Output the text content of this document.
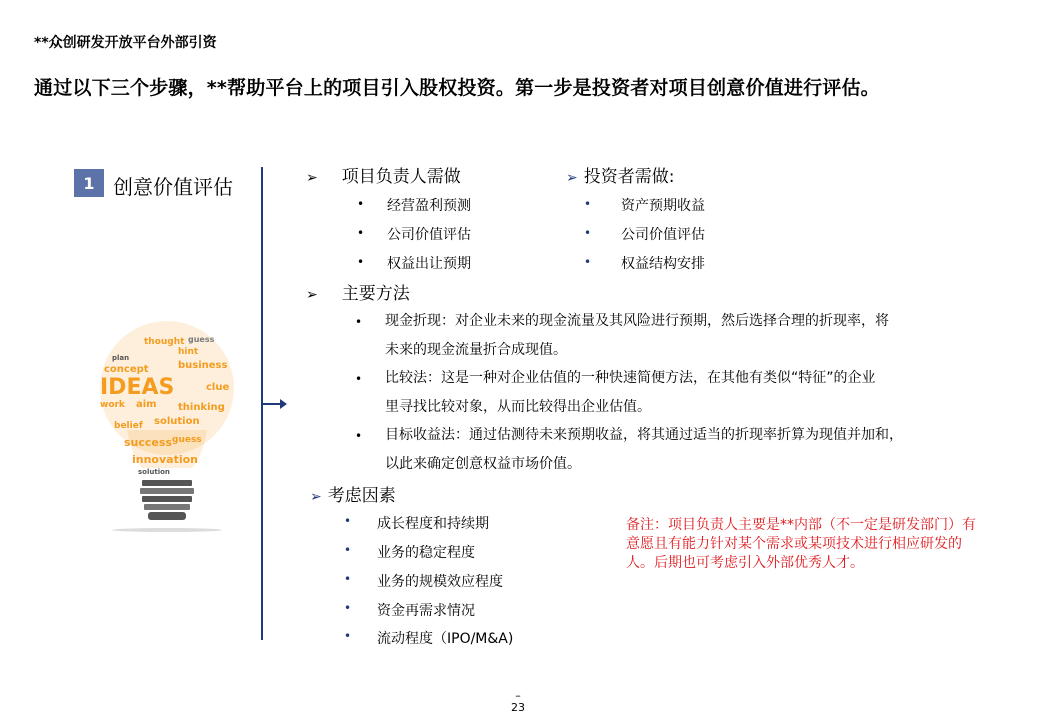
**众创研发开放平台外部引资
通过以下三个步骤，**帮助平台上的项目引入股权投资。第一步是投资者对项目创意价值进行评估。
1 创意价值评估
thought guess
hint
plan
concept	business
IDEAS	clue
work aim thinking
belief solution
success guess
innovation
solution
➢ 项目负责人需做
• 经营盈利预测
• 公司价值评估
• 权益出让预期
➢ 投资者需做:
• 资产预期收益
• 公司价值评估
• 权益结构安排
➢ 主要方法
• 现金折现：对企业未来的现金流量及其风险进行预期，然后选择合理的折现率，将
未来的现金流量折合成现值。
• 比较法：这是一种对企业估值的一种快速简便方法，在其他有类似“特征”的企业
里寻找比较对象，从而比较得出企业估值。
• 目标收益法：通过估测待未来预期收益，将其通过适当的折现率折算为现值并加和，
以此来确定创意权益市场价值。
➢ 考虑因素
• 成长程度和持续期
• 业务的稳定程度
• 业务的规模效应程度
• 资金再需求情况
• 流动程度（IPO/M&A)
备注：项目负责人主要是**内部（不一定是研发部门）有意愿且有能力针对某个需求或某项技术进行相应研发的人。后期也可考虑引入外部优秀人才。
–
23
